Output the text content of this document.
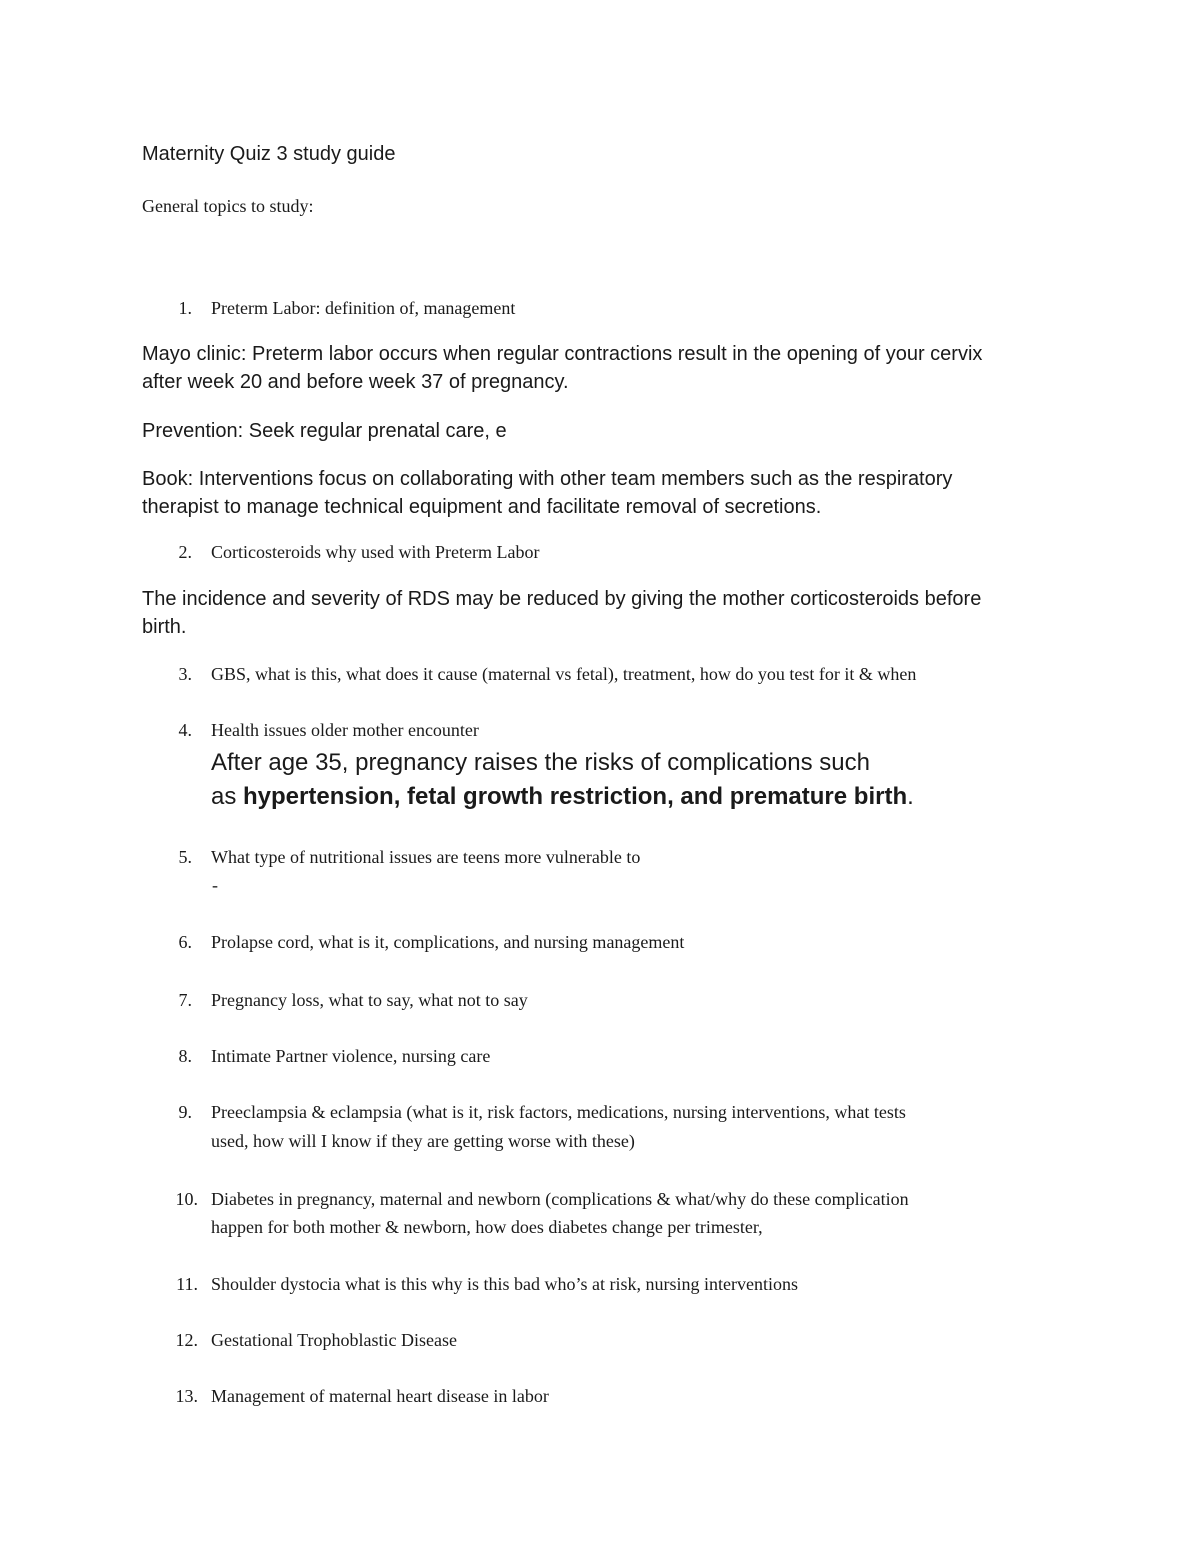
Maternity Quiz 3 study guide
General topics to study:
1. Preterm Labor: definition of, management
Mayo clinic: Preterm labor occurs when regular contractions result in the opening of your cervix
after week 20 and before week 37 of pregnancy.
Prevention: Seek regular prenatal care, e
Book: Interventions focus on collaborating with other team members such as the respiratory
therapist to manage technical equipment and facilitate removal of secretions.
2. Corticosteroids why used with Preterm Labor
The incidence and severity of RDS may be reduced by giving the mother corticosteroids before
birth.
3. GBS, what is this, what does it cause (maternal vs fetal), treatment, how do you test for it & when
4. Health issues older mother encounter
After age 35, pregnancy raises the risks of complications such
as hypertension, fetal growth restriction, and premature birth.
5. What type of nutritional issues are teens more vulnerable to
-
6. Prolapse cord, what is it, complications, and nursing management
7. Pregnancy loss, what to say, what not to say
8. Intimate Partner violence, nursing care
9. Preeclampsia & eclampsia (what is it, risk factors, medications, nursing interventions, what tests
used, how will I know if they are getting worse with these)
10. Diabetes in pregnancy, maternal and newborn (complications & what/why do these complication
happen for both mother & newborn, how does diabetes change per trimester,
11. Shoulder dystocia what is this why is this bad who’s at risk, nursing interventions
12. Gestational Trophoblastic Disease
13. Management of maternal heart disease in labor
